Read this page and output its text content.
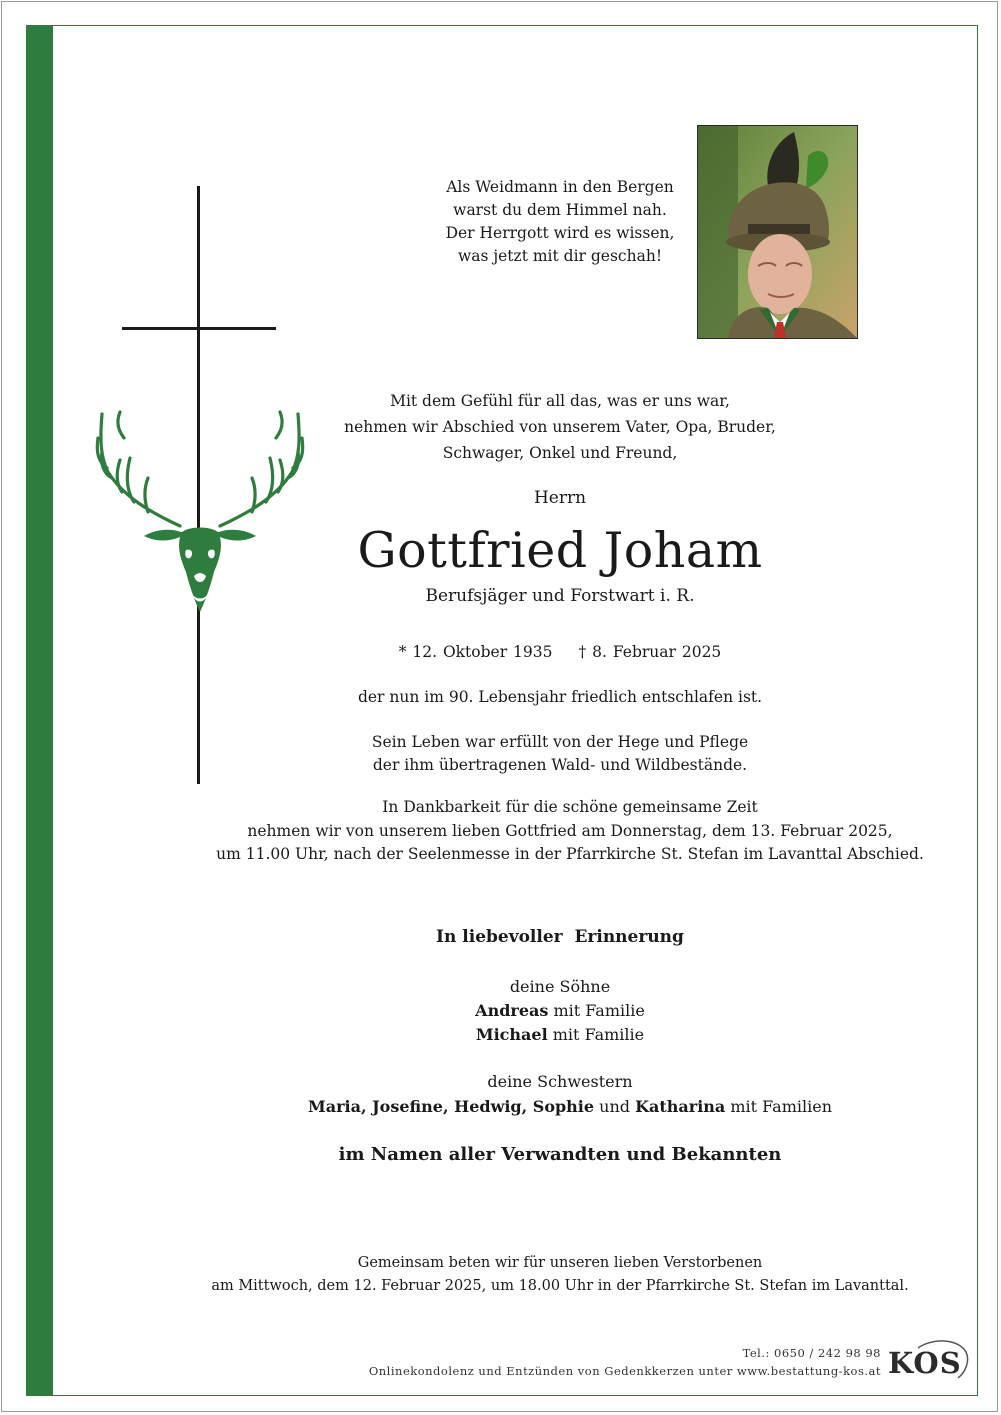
Als Weidmann in den Bergen
warst du dem Himmel nah.
Der Herrgott wird es wissen,
was jetzt mit dir geschah!
Mit dem Gefühl für all das, was er uns war,
nehmen wir Abschied von unserem Vater, Opa, Bruder,
Schwager, Onkel und Freund,
Herrn
Gottfried Joham
Berufsjäger und Forstwart i. R.
* 12. Oktober 1935 † 8. Februar 2025
der nun im 90. Lebensjahr friedlich entschlafen ist.
Sein Leben war erfüllt von der Hege und Pflege
der ihm übertragenen Wald- und Wildbestände.
In Dankbarkeit für die schöne gemeinsame Zeit
nehmen wir von unserem lieben Gottfried am Donnerstag, dem 13. Februar 2025,
um 11.00 Uhr, nach der Seelenmesse in der Pfarrkirche St. Stefan im Lavanttal Abschied.
In liebevoller  Erinnerung
deine Söhne
Andreas mit Familie
Michael mit Familie
deine Schwestern
Maria, Josefine, Hedwig, Sophie und Katharina mit Familien
im Namen aller Verwandten und Bekannten
Gemeinsam beten wir für unseren lieben Verstorbenen
am Mittwoch, dem 12. Februar 2025, um 18.00 Uhr in der Pfarrkirche St. Stefan im Lavanttal.
Tel.: 0650 / 242 98 98
Onlinekondolenz und Entzünden von Gedenkkerzen unter www.bestattung-kos.at KOS
